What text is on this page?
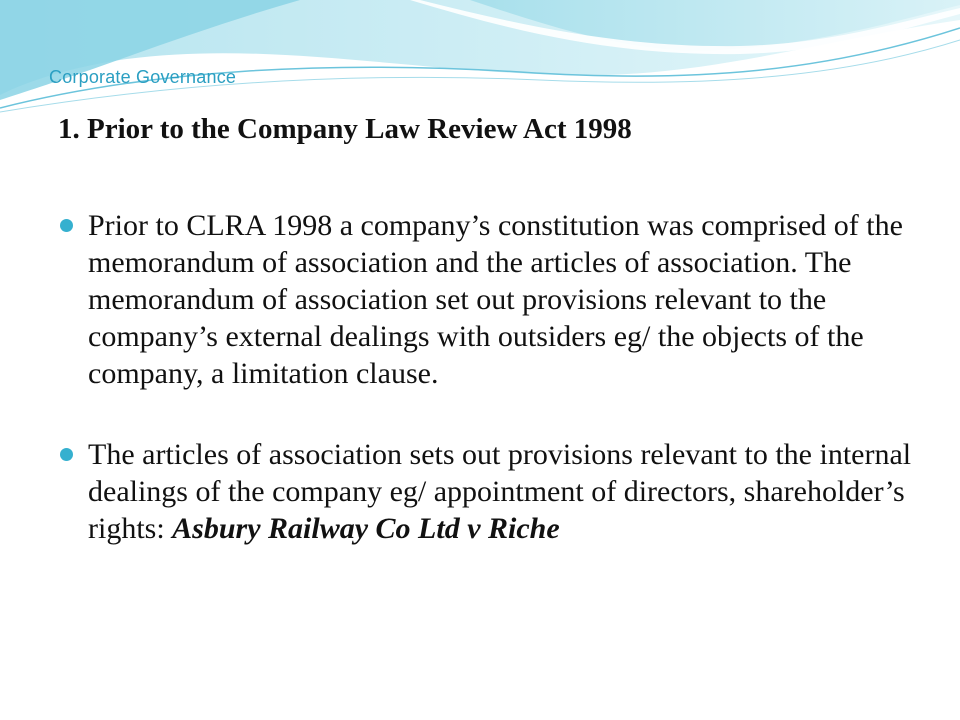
Corporate Governance
1. Prior to the Company Law Review Act 1998
Prior to CLRA 1998 a company’s constitution was comprised of the memorandum of association and the articles of association. The memorandum of association set out provisions relevant to the company’s external dealings with outsiders eg/ the objects of the company, a limitation clause.
The articles of association sets out provisions relevant to the internal dealings of the company eg/ appointment of directors, shareholder’s rights: Asbury Railway Co Ltd v Riche
